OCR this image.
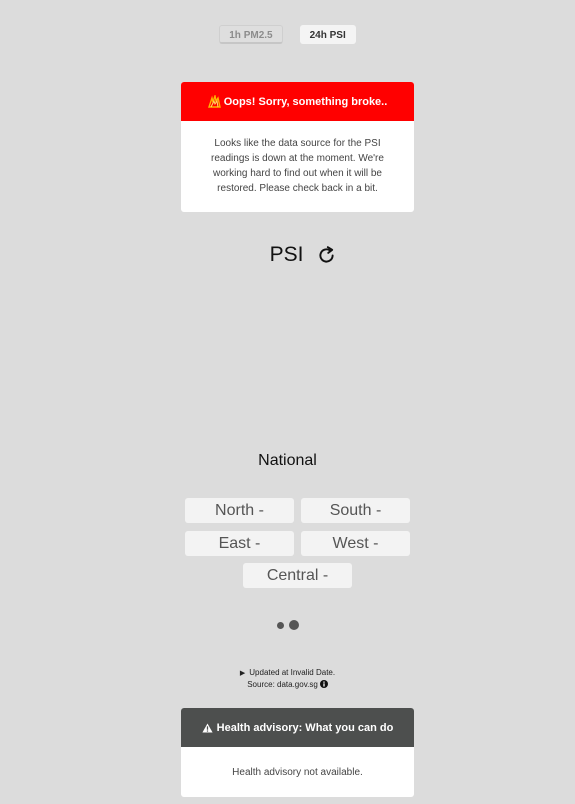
1h PM2.5	24h PSI
Oops! Sorry, something broke..
Looks like the data source for the PSI readings is down at the moment. We're working hard to find out when it will be restored. Please check back in a bit.
PSI
National
North -	South -
East -	West -
Central -
▶ Updated at Invalid Date.
Source: data.gov.sg
Health advisory: What you can do
Health advisory not available.
